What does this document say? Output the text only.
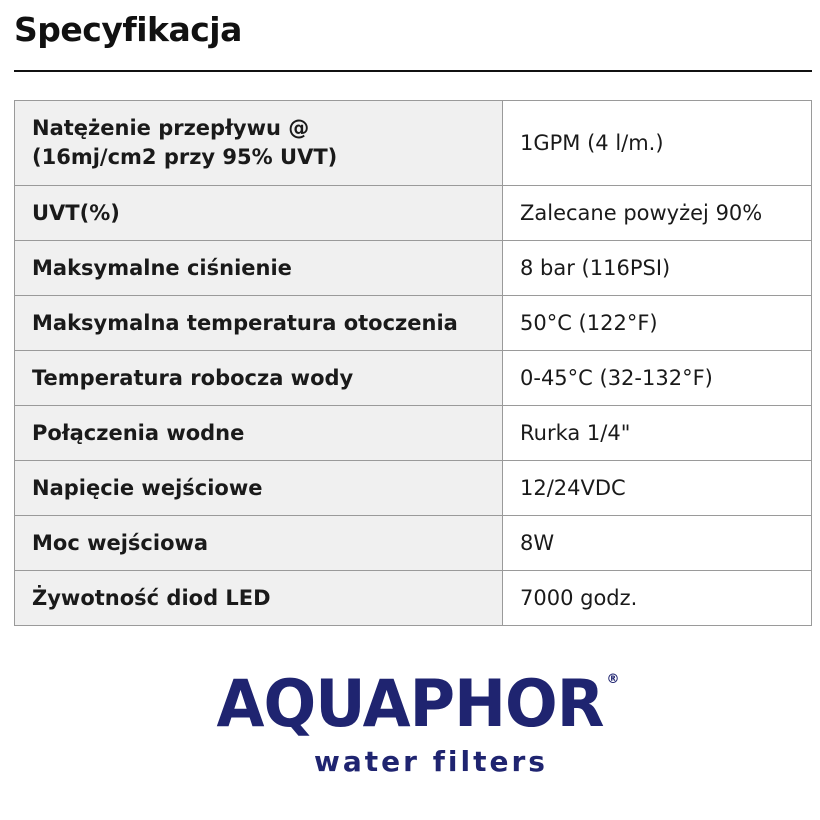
Specyfikacja
Natężenie przepływu @
(16mj/cm2 przy 95% UVT)	1GPM (4 l/m.)
UVT(%)	Zalecane powyżej 90%
Maksymalne ciśnienie	8 bar (116PSI)
Maksymalna temperatura otoczenia	50°C (122°F)
Temperatura robocza wody	0-45°C (32-132°F)
Połączenia wodne	Rurka 1/4"
Napięcie wejściowe	12/24VDC
Moc wejściowa	8W
Żywotność diod LED	7000 godz.
AQUAPHOR ®
water filters
